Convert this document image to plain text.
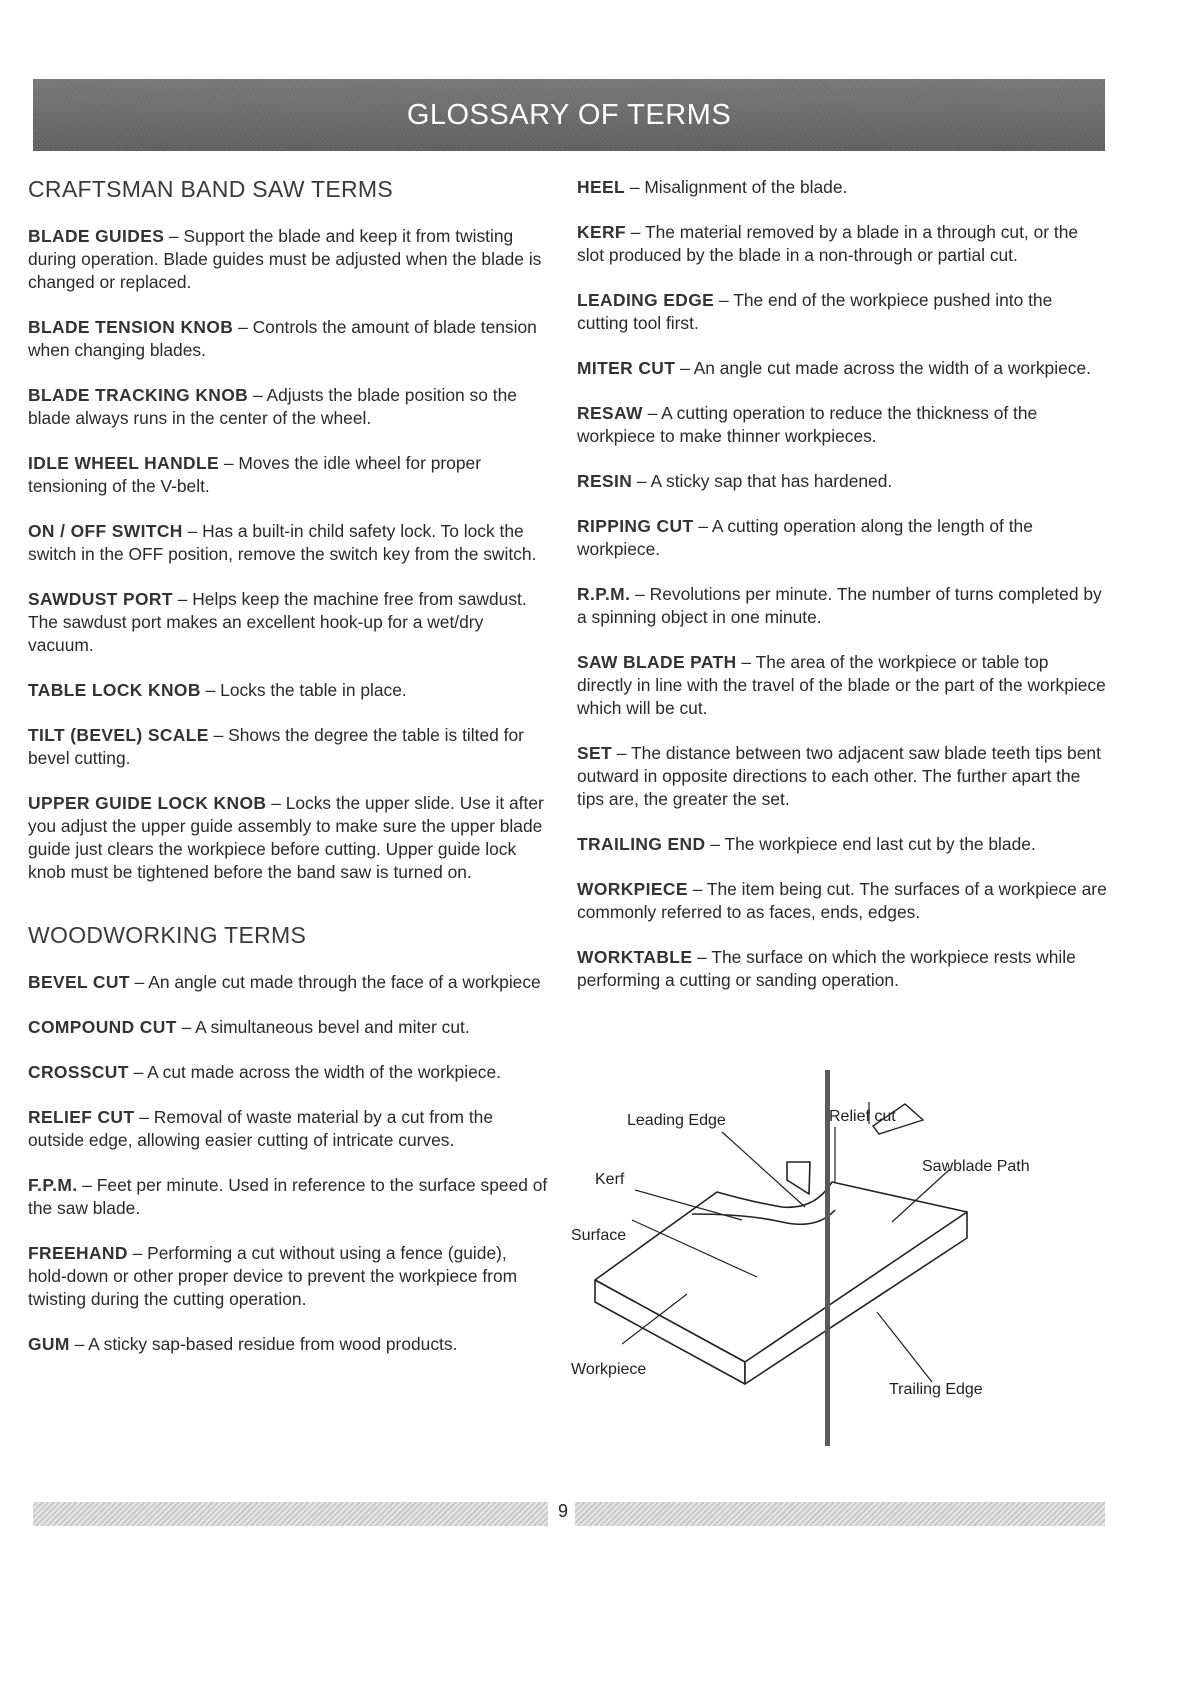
GLOSSARY OF TERMS
CRAFTSMAN BAND SAW TERMS

BLADE GUIDES – Support the blade and keep it from twisting during operation. Blade guides must be adjusted when the blade is changed or replaced.

BLADE TENSION KNOB – Controls the amount of blade tension when changing blades.

BLADE TRACKING KNOB – Adjusts the blade position so the blade always runs in the center of the wheel.

IDLE WHEEL HANDLE – Moves the idle wheel for proper tensioning of the V-belt.

ON / OFF SWITCH – Has a built-in child safety lock. To lock the switch in the OFF position, remove the switch key from the switch.

SAWDUST PORT – Helps keep the machine free from sawdust. The sawdust port makes an excellent hook-up for a wet/dry vacuum.

TABLE LOCK KNOB – Locks the table in place.

TILT (BEVEL) SCALE – Shows the degree the table is tilted for bevel cutting.

UPPER GUIDE LOCK KNOB – Locks the upper slide. Use it after you adjust the upper guide assembly to make sure the upper blade guide just clears the workpiece before cutting. Upper guide lock knob must be tightened before the band saw is turned on.

WOODWORKING TERMS

BEVEL CUT – An angle cut made through the face of a workpiece

COMPOUND CUT – A simultaneous bevel and miter cut.

CROSSCUT – A cut made across the width of the workpiece.

RELIEF CUT – Removal of waste material by a cut from the outside edge, allowing easier cutting of intricate curves.

F.P.M. – Feet per minute. Used in reference to the surface speed of the saw blade.

FREEHAND – Performing a cut without using a fence (guide), hold-down or other proper device to prevent the workpiece from twisting during the cutting operation.

GUM – A sticky sap-based residue from wood products.

HEEL – Misalignment of the blade.

KERF – The material removed by a blade in a through cut, or the slot produced by the blade in a non-through or partial cut.

LEADING EDGE – The end of the workpiece pushed into the cutting tool first.

MITER CUT – An angle cut made across the width of a workpiece.

RESAW – A cutting operation to reduce the thickness of the workpiece to make thinner workpieces.

RESIN – A sticky sap that has hardened.

RIPPING CUT – A cutting operation along the length of the workpiece.

R.P.M. – Revolutions per minute. The number of turns completed by a spinning object in one minute.

SAW BLADE PATH – The area of the workpiece or table top directly in line with the travel of the blade or the part of the workpiece which will be cut.

SET – The distance between two adjacent saw blade teeth tips bent outward in opposite directions to each other. The further apart the tips are, the greater the set.

TRAILING END – The workpiece end last cut by the blade.

WORKPIECE – The item being cut. The surfaces of a workpiece are commonly referred to as faces, ends, edges.

WORKTABLE – The surface on which the workpiece rests while performing a cutting or sanding operation.

Leading Edge	Relief cut
Sawblade Path
Kerf
Surface
Workpiece
Trailing Edge
9
